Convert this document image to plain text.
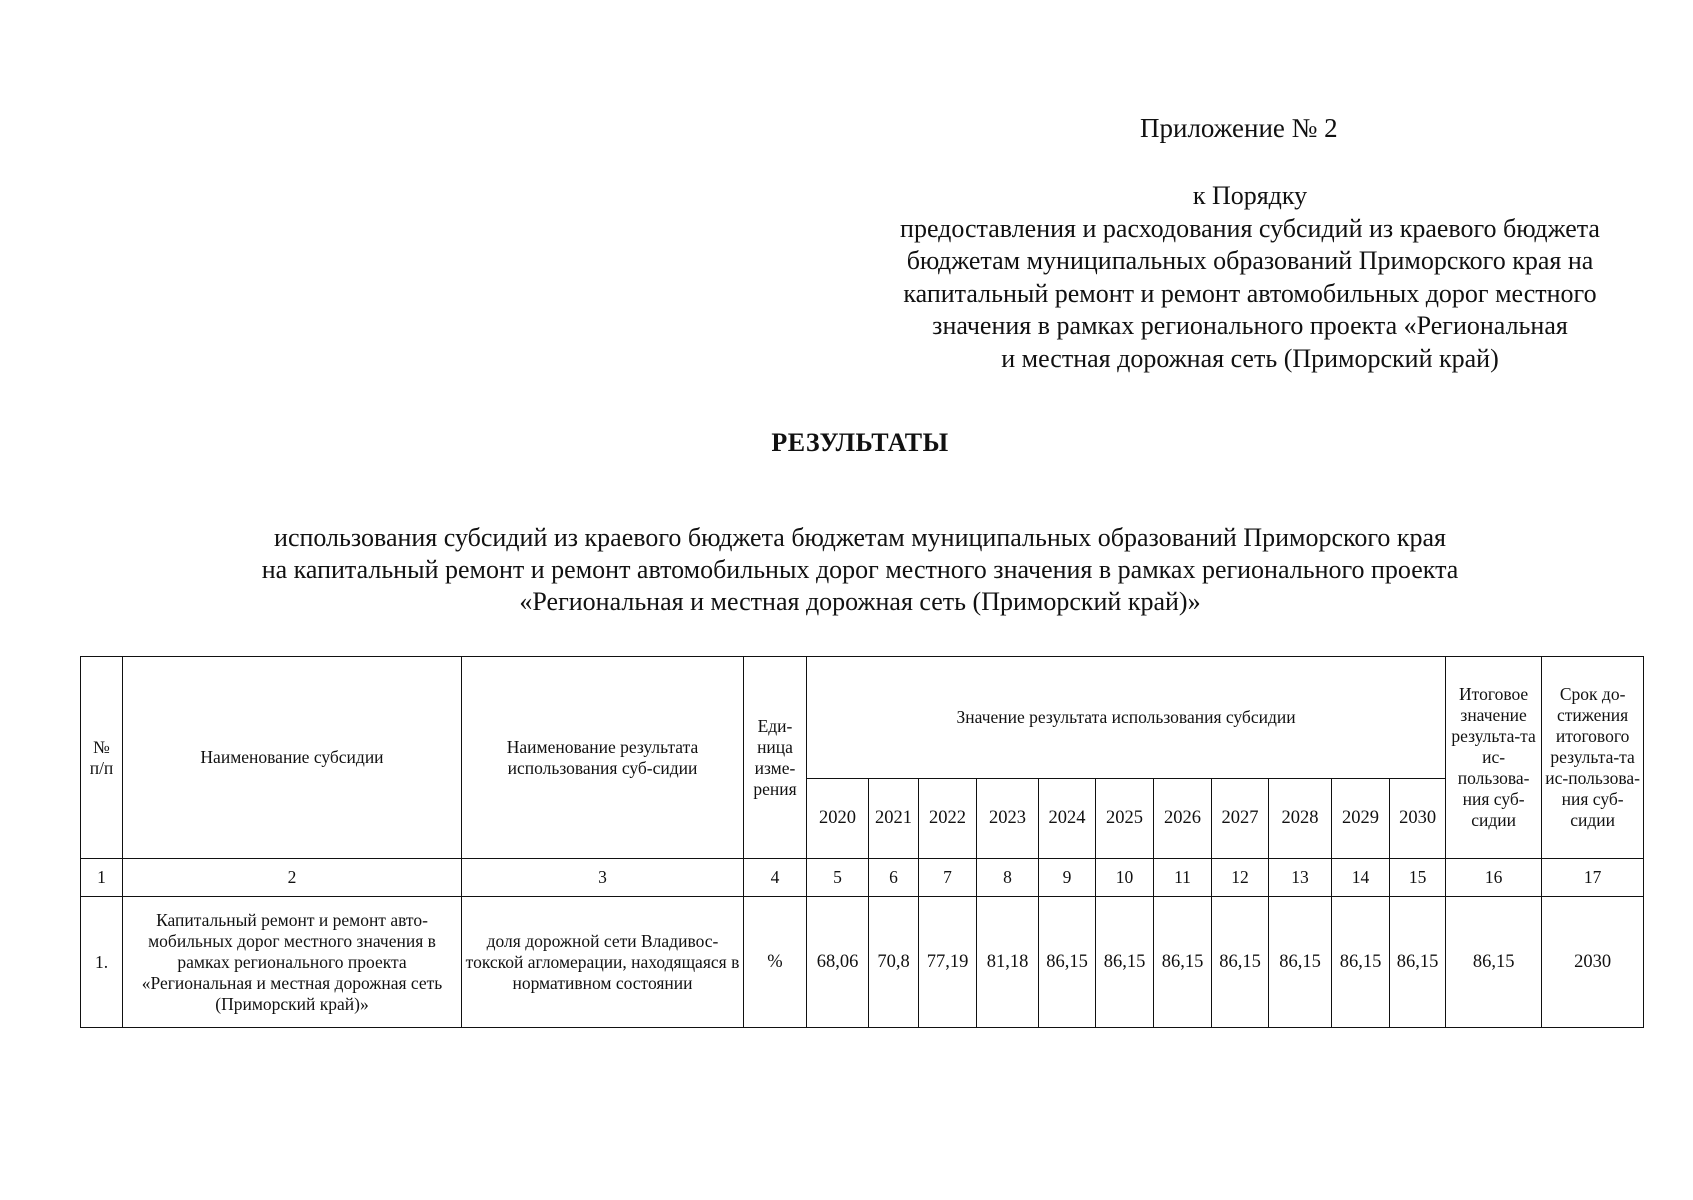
Приложение № 2
к Порядку
предоставления и расходования субсидий из краевого бюджета
бюджетам муниципальных образований Приморского края на
капитальный ремонт и ремонт автомобильных дорог местного
значения в рамках регионального проекта «Региональная
и местная дорожная сеть (Приморский край)
РЕЗУЛЬТАТЫ
использования субсидий из краевого бюджета бюджетам муниципальных образований Приморского края
на капитальный ремонт и ремонт автомобильных дорог местного значения в рамках регионального проекта
«Региональная и местная дорожная сеть (Приморский край)»
№ п/п	Наименование субсидии	Наименование результата использования суб-сидии	Еди-ница изме-рения	Значение результата использования субсидии											Итоговое значение результа-та ис-пользова-ния суб-сидии	Срок до-стижения итогового результа-та ис-пользова-ния суб-сидии
				2020	2021	2022	2023	2024	2025	2026	2027	2028	2029	2030		
1	2	3	4	5	6	7	8	9	10	11	12	13	14	15	16	17
1.	Капитальный ремонт и ремонт авто-мобильных дорог местного значения в рамках регионального проекта «Региональная и местная дорожная сеть (Приморский край)»	доля дорожной сети Владивос-токской агломерации, находящаяся в нормативном состоянии	%	68,06	70,8	77,19	81,18	86,15	86,15	86,15	86,15	86,15	86,15	86,15	86,15	2030
